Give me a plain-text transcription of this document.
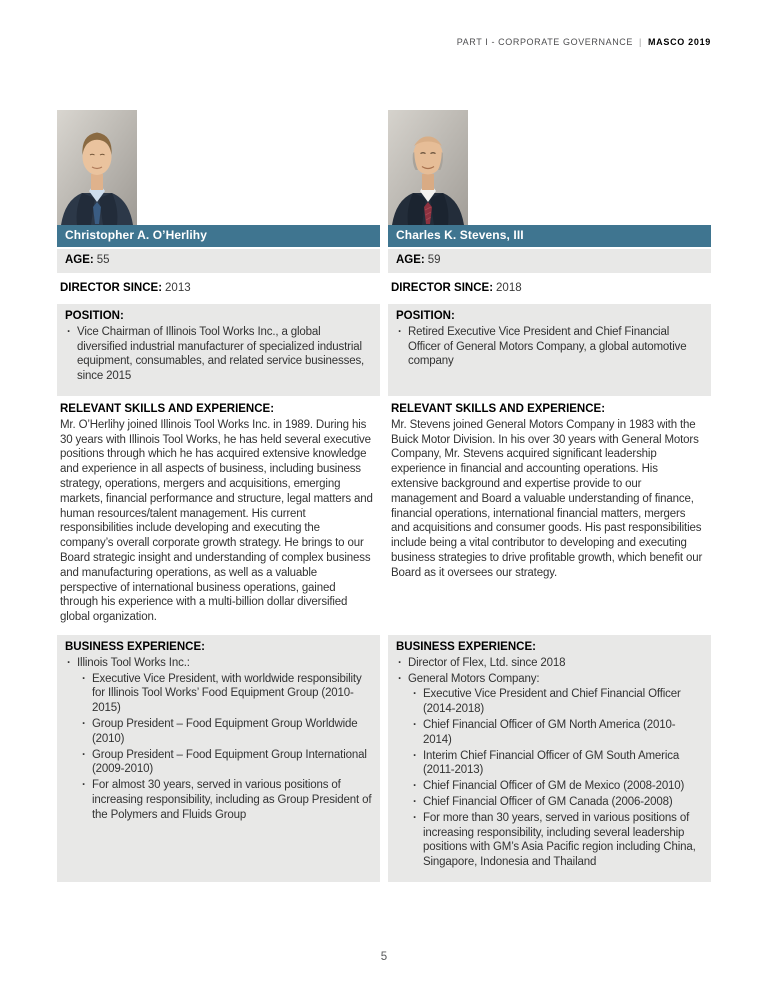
PART I - CORPORATE GOVERNANCE | MASCO 2019
Christopher A. O’Herlihy
AGE: 55
DIRECTOR SINCE: 2013
POSITION:
· Vice Chairman of Illinois Tool Works Inc., a global diversified industrial manufacturer of specialized industrial equipment, consumables, and related service businesses, since 2015
RELEVANT SKILLS AND EXPERIENCE:

Mr. O’Herlihy joined Illinois Tool Works Inc. in 1989. During his 30 years with Illinois Tool Works, he has held several executive positions through which he has acquired extensive knowledge and experience in all aspects of business, including business strategy, operations, mergers and acquisitions, emerging markets, financial performance and structure, legal matters and human resources/talent management. His current responsibilities include developing and executing the company’s overall corporate growth strategy. He brings to our Board strategic insight and understanding of complex business and manufacturing operations, as well as a valuable perspective of international business operations, gained through his experience with a multi-billion dollar diversified global organization.

BUSINESS EXPERIENCE:
· Illinois Tool Works Inc.:
· Executive Vice President, with worldwide responsibility for Illinois Tool Works’ Food Equipment Group (2010-2015)
· Group President – Food Equipment Group Worldwide (2010)
· Group President – Food Equipment Group International (2009-2010)
· For almost 30 years, served in various positions of increasing responsibility, including as Group President of the Polymers and Fluids Group
Charles K. Stevens, III
AGE: 59
DIRECTOR SINCE: 2018
POSITION:
· Retired Executive Vice President and Chief Financial Officer of General Motors Company, a global automotive company
RELEVANT SKILLS AND EXPERIENCE:

Mr. Stevens joined General Motors Company in 1983 with the Buick Motor Division. In his over 30 years with General Motors Company, Mr. Stevens acquired significant leadership experience in financial and accounting operations. His extensive background and expertise provide to our management and Board a valuable understanding of finance, financial operations, international financial matters, mergers and acquisitions and consumer goods. His past responsibilities include being a vital contributor to developing and executing business strategies to drive profitable growth, which benefit our Board as it oversees our strategy.

BUSINESS EXPERIENCE:
· Director of Flex, Ltd. since 2018
· General Motors Company:
· Executive Vice President and Chief Financial Officer (2014-2018)
· Chief Financial Officer of GM North America (2010-2014)
· Interim Chief Financial Officer of GM South America (2011-2013)
· Chief Financial Officer of GM de Mexico (2008-2010)
· Chief Financial Officer of GM Canada (2006-2008)
· For more than 30 years, served in various positions of increasing responsibility, including several leadership positions with GM’s Asia Pacific region including China, Singapore, Indonesia and Thailand
5
